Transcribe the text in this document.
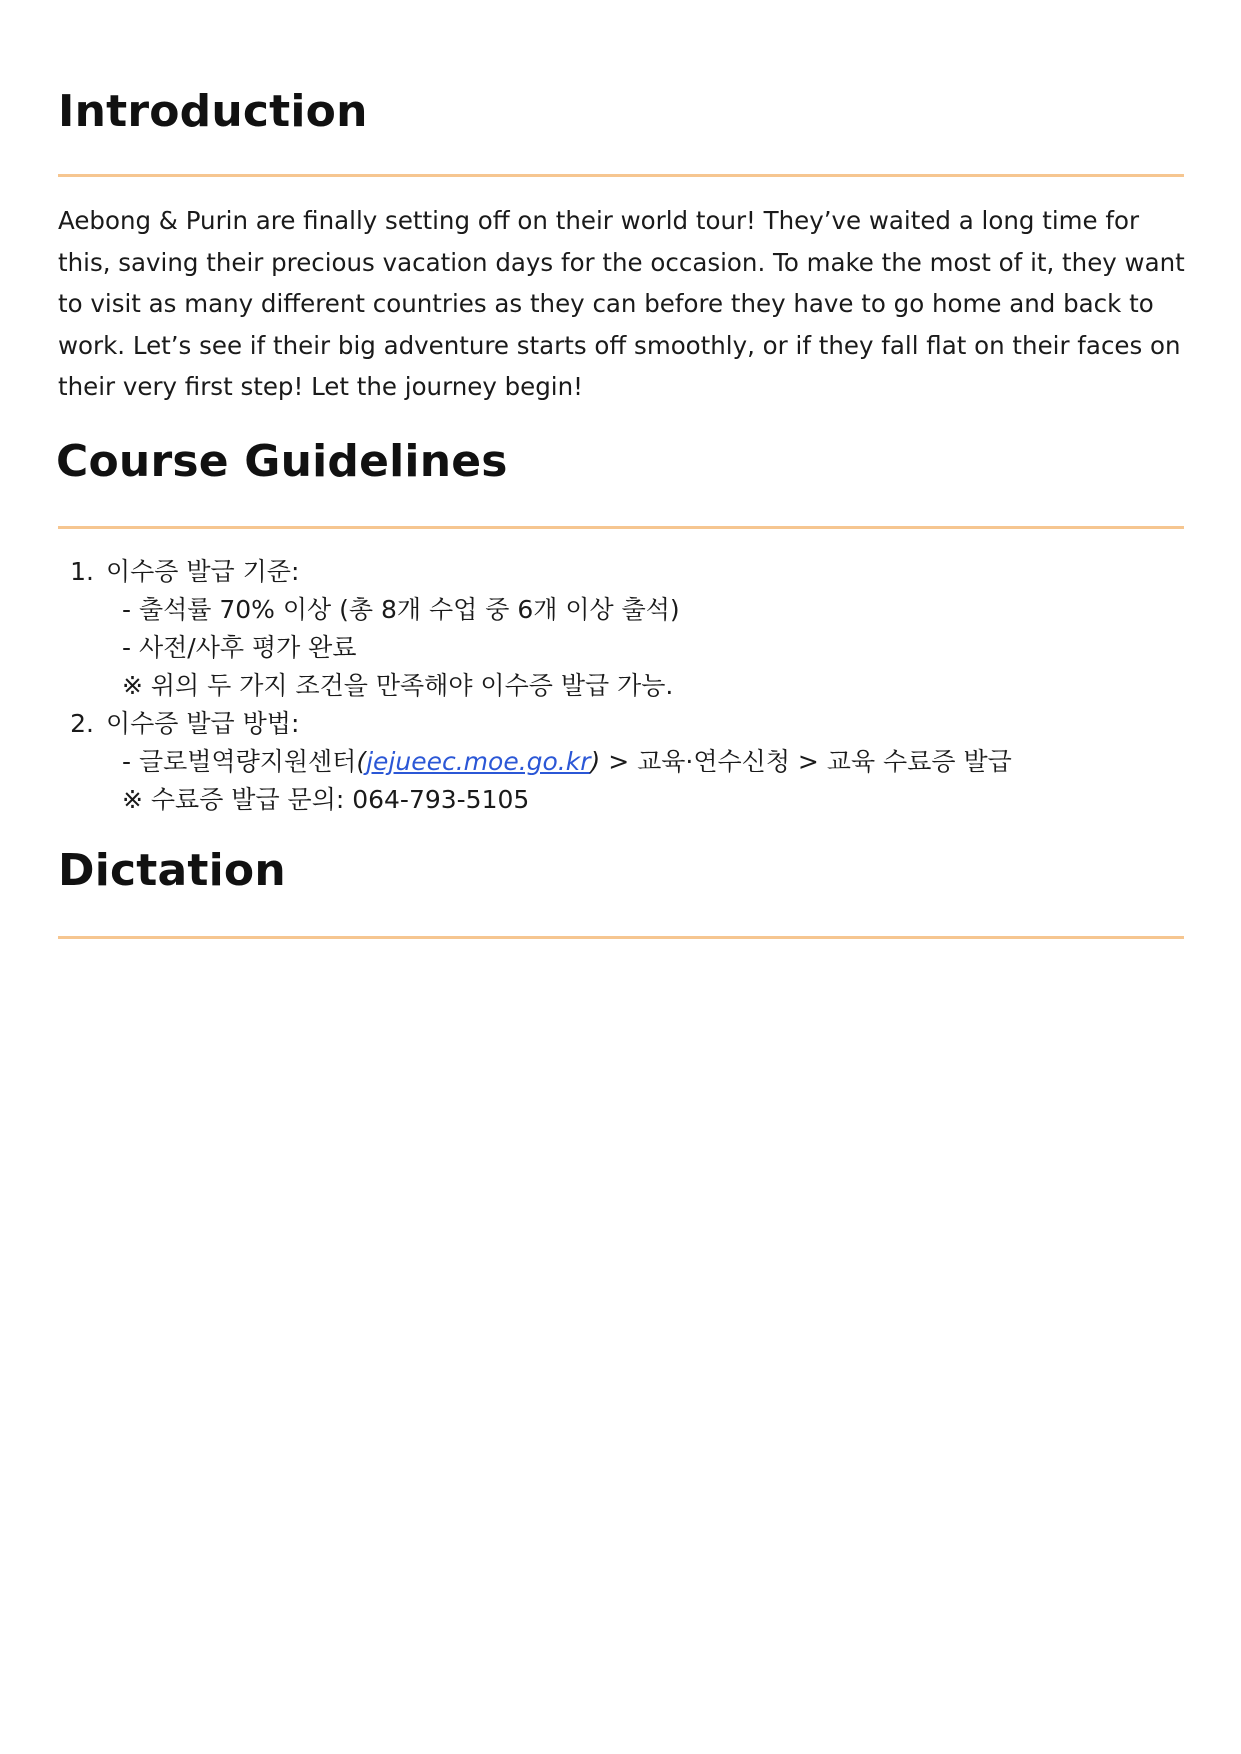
Introduction

Aebong & Purin are finally setting off on their world tour! They’ve waited a long time for this, saving their precious vacation days for the occasion. To make the most of it, they want to visit as many different countries as they can before they have to go home and back to work. Let’s see if their big adventure starts off smoothly, or if they fall flat on their faces on their very first step! Let the journey begin!

Course Guidelines
1. 이수증 발급 기준:
- 출석률 70% 이상 (총 8개 수업 중 6개 이상 출석)
- 사전/사후 평가 완료
※ 위의 두 가지 조건을 만족해야 이수증 발급 가능.
2. 이수증 발급 방법:
- 글로벌역량지원센터(jejueec.moe.go.kr) > 교육·연수신청 > 교육 수료증 발급
※ 수료증 발급 문의: 064-793-5105
Dictation
